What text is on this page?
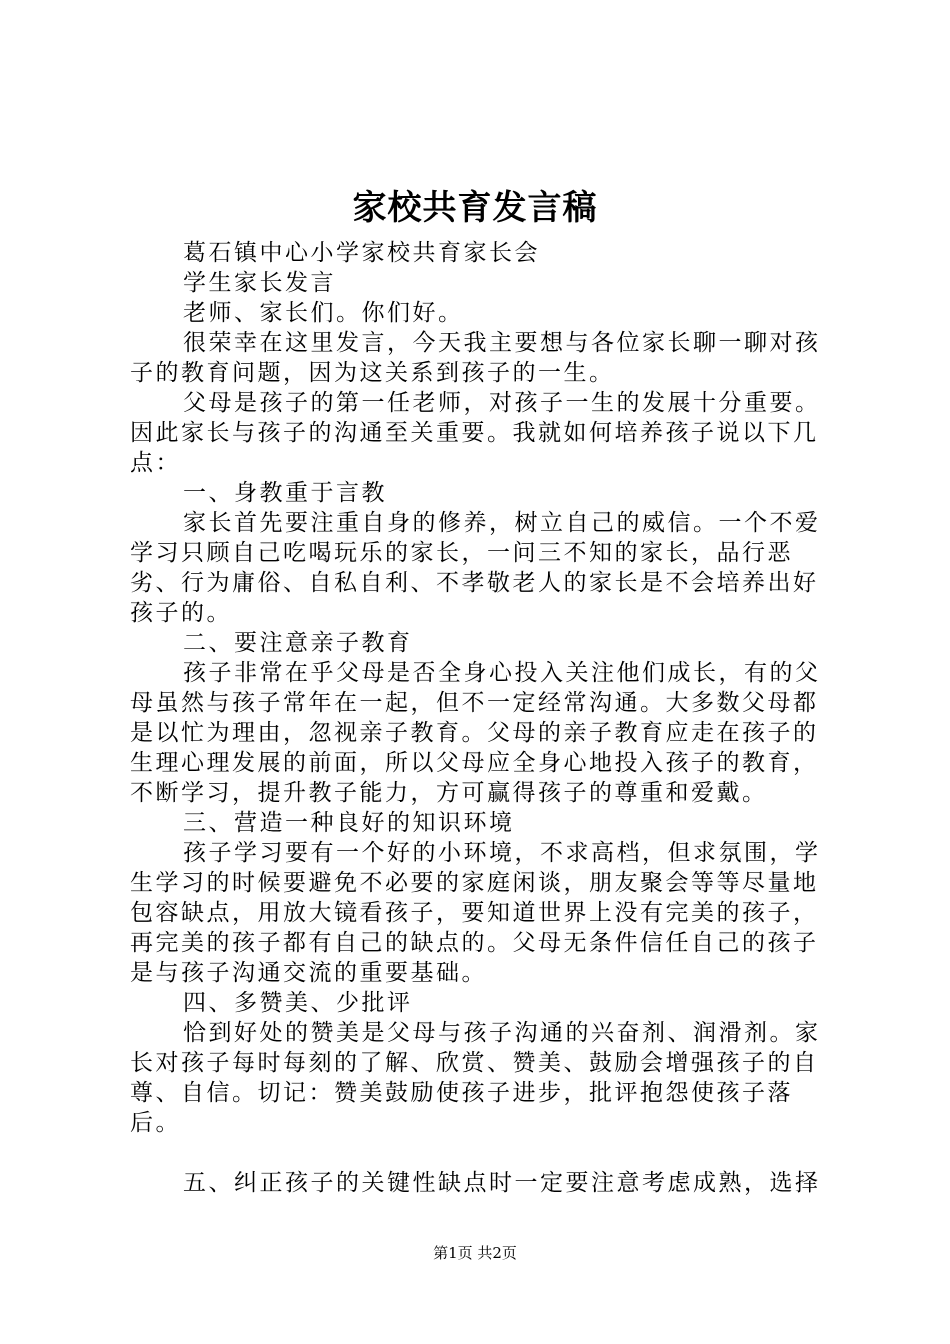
家校共育发言稿

葛石镇中心小学家校共育家长会

学生家长发言

老师、家长们。你们好。

很荣幸在这里发言，今天我主要想与各位家长聊一聊对孩子的教育问题，因为这关系到孩子的一生。

父母是孩子的第一任老师，对孩子一生的发展十分重要。因此家长与孩子的沟通至关重要。我就如何培养孩子说以下几点：

一、身教重于言教

家长首先要注重自身的修养，树立自己的威信。一个不爱学习只顾自己吃喝玩乐的家长，一问三不知的家长，品行恶劣、行为庸俗、自私自利、不孝敬老人的家长是不会培养出好孩子的。

二、要注意亲子教育

孩子非常在乎父母是否全身心投入关注他们成长，有的父母虽然与孩子常年在一起，但不一定经常沟通。大多数父母都是以忙为理由，忽视亲子教育。父母的亲子教育应走在孩子的生理心理发展的前面，所以父母应全身心地投入孩子的教育，不断学习，提升教子能力，方可赢得孩子的尊重和爱戴。

三、营造一种良好的知识环境

孩子学习要有一个好的小环境，不求高档，但求氛围，学生学习的时候要避免不必要的家庭闲谈，朋友聚会等等尽量地包容缺点，用放大镜看孩子，要知道世界上没有完美的孩子，再完美的孩子都有自己的缺点的。父母无条件信任自己的孩子是与孩子沟通交流的重要基础。

四、多赞美、少批评

恰到好处的赞美是父母与孩子沟通的兴奋剂、润滑剂。家长对孩子每时每刻的了解、欣赏、赞美、鼓励会增强孩子的自尊、自信。切记：赞美鼓励使孩子进步，批评抱怨使孩子落后。

五、纠正孩子的关键性缺点时一定要注意考虑成熟，选择

第1页 共2页
